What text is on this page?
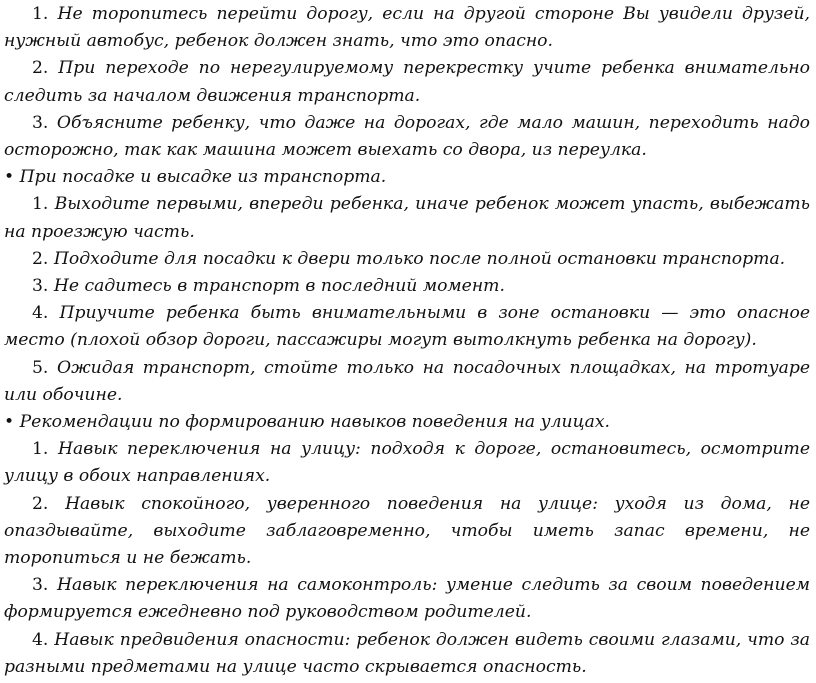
1. Не торопитесь перейти дорогу, если на другой стороне Вы увидели друзей, нужный автобус, ребенок должен знать, что это опасно.

2. При переходе по нерегулируемому перекрестку учите ребенка внимательно следить за началом движения транспорта.

3. Объясните ребенку, что даже на дорогах, где мало машин, переходить надо осторожно, так как машина может выехать со двора, из переулка.

• При посадке и высадке из транспорта.

1. Выходите первыми, впереди ребенка, иначе ребенок может упасть, выбежать на проезжую часть.

2. Подходите для посадки к двери только после полной остановки транспорта.

3. Не садитесь в транспорт в последний момент.

4. Приучите ребенка быть внимательными в зоне остановки — это опасное место (плохой обзор дороги, пассажиры могут вытолкнуть ребенка на дорогу).

5. Ожидая транспорт, стойте только на посадочных площадках, на тротуаре или обочине.

• Рекомендации по формированию навыков поведения на улицах.

1. Навык переключения на улицу: подходя к дороге, остановитесь, осмотрите улицу в обоих направлениях.

2. Навык спокойного, уверенного поведения на улице: уходя из дома, не опаздывайте, выходите заблаговременно, чтобы иметь запас времени, не торопиться и не бежать.

3. Навык переключения на самоконтроль: умение следить за своим поведением формируется ежедневно под руководством родителей.

4. Навык предвидения опасности: ребенок должен видеть своими глазами, что за разными предметами на улице часто скрывается опасность.
